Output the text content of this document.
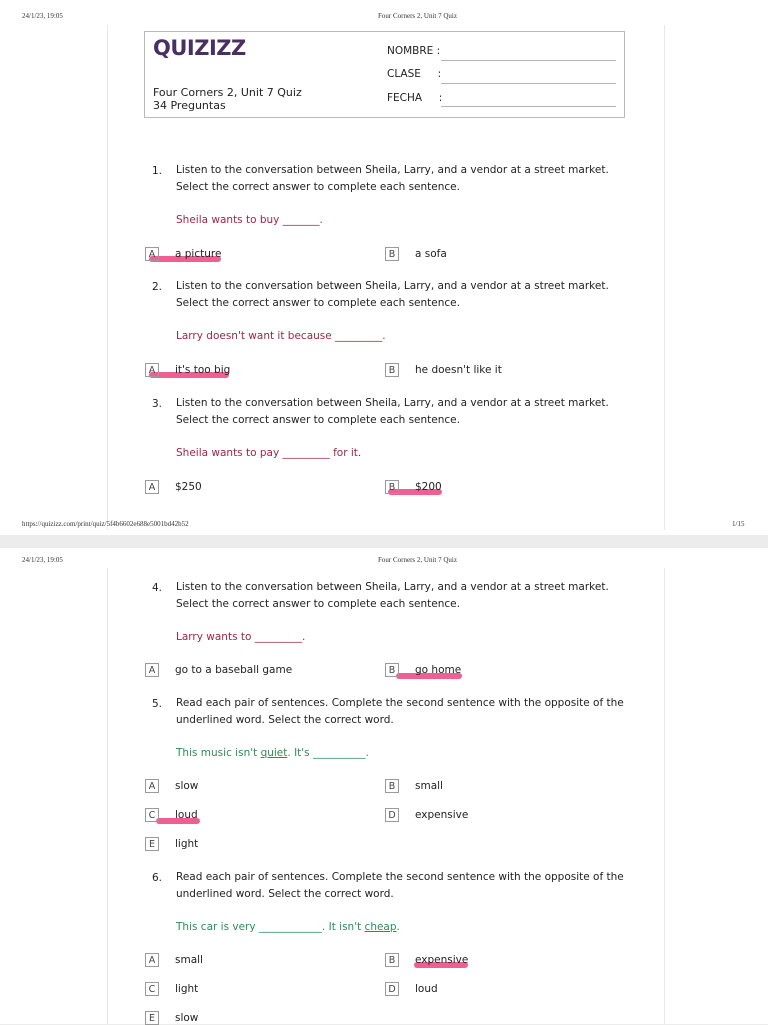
24/1/23, 19:05	Four Corners 2, Unit 7 Quiz
QUIZIZZ
Four Corners 2, Unit 7 Quiz
34 Preguntas
NOMBRE :
CLASE     :
FECHA     :
1. Listen to the conversation between Sheila, Larry, and a vendor at a street market. Select the correct answer to complete each sentence.
Sheila wants to buy _______.
A	a picture	B	a sofa
2. Listen to the conversation between Sheila, Larry, and a vendor at a street market. Select the correct answer to complete each sentence.
Larry doesn't want it because _________.
A	it's too big	B	he doesn't like it
3. Listen to the conversation between Sheila, Larry, and a vendor at a street market. Select the correct answer to complete each sentence.
Sheila wants to pay _________ for it.
A	$250	B	$200
https://quizizz.com/print/quiz/5f4b6602e688e5001bd42b52	1/15
24/1/23, 19:05	Four Corners 2, Unit 7 Quiz
4. Listen to the conversation between Sheila, Larry, and a vendor at a street market. Select the correct answer to complete each sentence.
Larry wants to _________.
A	go to a baseball game	B	go home
5. Read each pair of sentences. Complete the second sentence with the opposite of the underlined word. Select the correct word.
This music isn't quiet. It's __________.
A	slow	B	small
C	loud	D	expensive
E	light
6. Read each pair of sentences. Complete the second sentence with the opposite of the underlined word. Select the correct word.
This car is very ____________. It isn't cheap.
A	small	B	expensive
C	light	D	loud
E	slow
